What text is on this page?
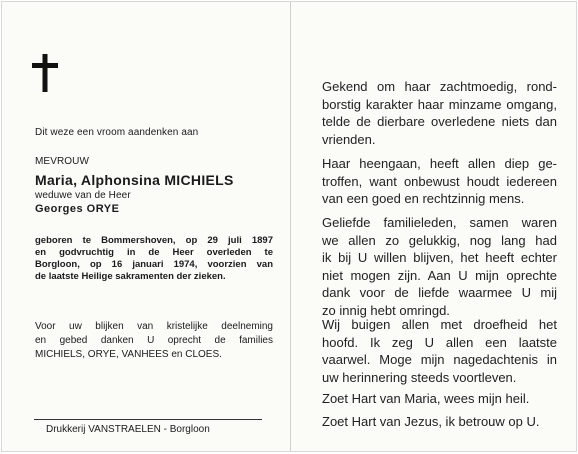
Dit weze een vroom aandenken aan
MEVROUW
Maria, Alphonsina MICHIELS
weduwe van de Heer
Georges ORYE
geboren te Bommershoven, op 29 juli 1897
en godvruchtig in de Heer overleden te
Borgloon, op 16 januari 1974, voorzien van
de laatste Heilige sakramenten der zieken.
Voor uw blijken van kristelijke deelneming
en gebed danken U oprecht de families
MICHIELS, ORYE, VANHEES en CLOES.
Drukkerij VANSTRAELEN - Borgloon
Gekend om haar zachtmoedig, rond-
borstig karakter haar minzame omgang,
telde de dierbare overledene niets dan
vrienden.
Haar heengaan, heeft allen diep ge-
troffen, want onbewust houdt iedereen
van een goed en rechtzinnig mens.
Geliefde familieleden, samen waren
we allen zo gelukkig, nog lang had
ik bij U willen blijven, het heeft echter
niet mogen zijn. Aan U mijn oprechte
dank voor de liefde waarmee U mij
zo innig hebt omringd.
Wij buigen allen met droefheid het
hoofd. Ik zeg U allen een laatste
vaarwel. Moge mijn nagedachtenis in
uw herinnering steeds voortleven.
Zoet Hart van Maria, wees mijn heil.
Zoet Hart van Jezus, ik betrouw op U.
